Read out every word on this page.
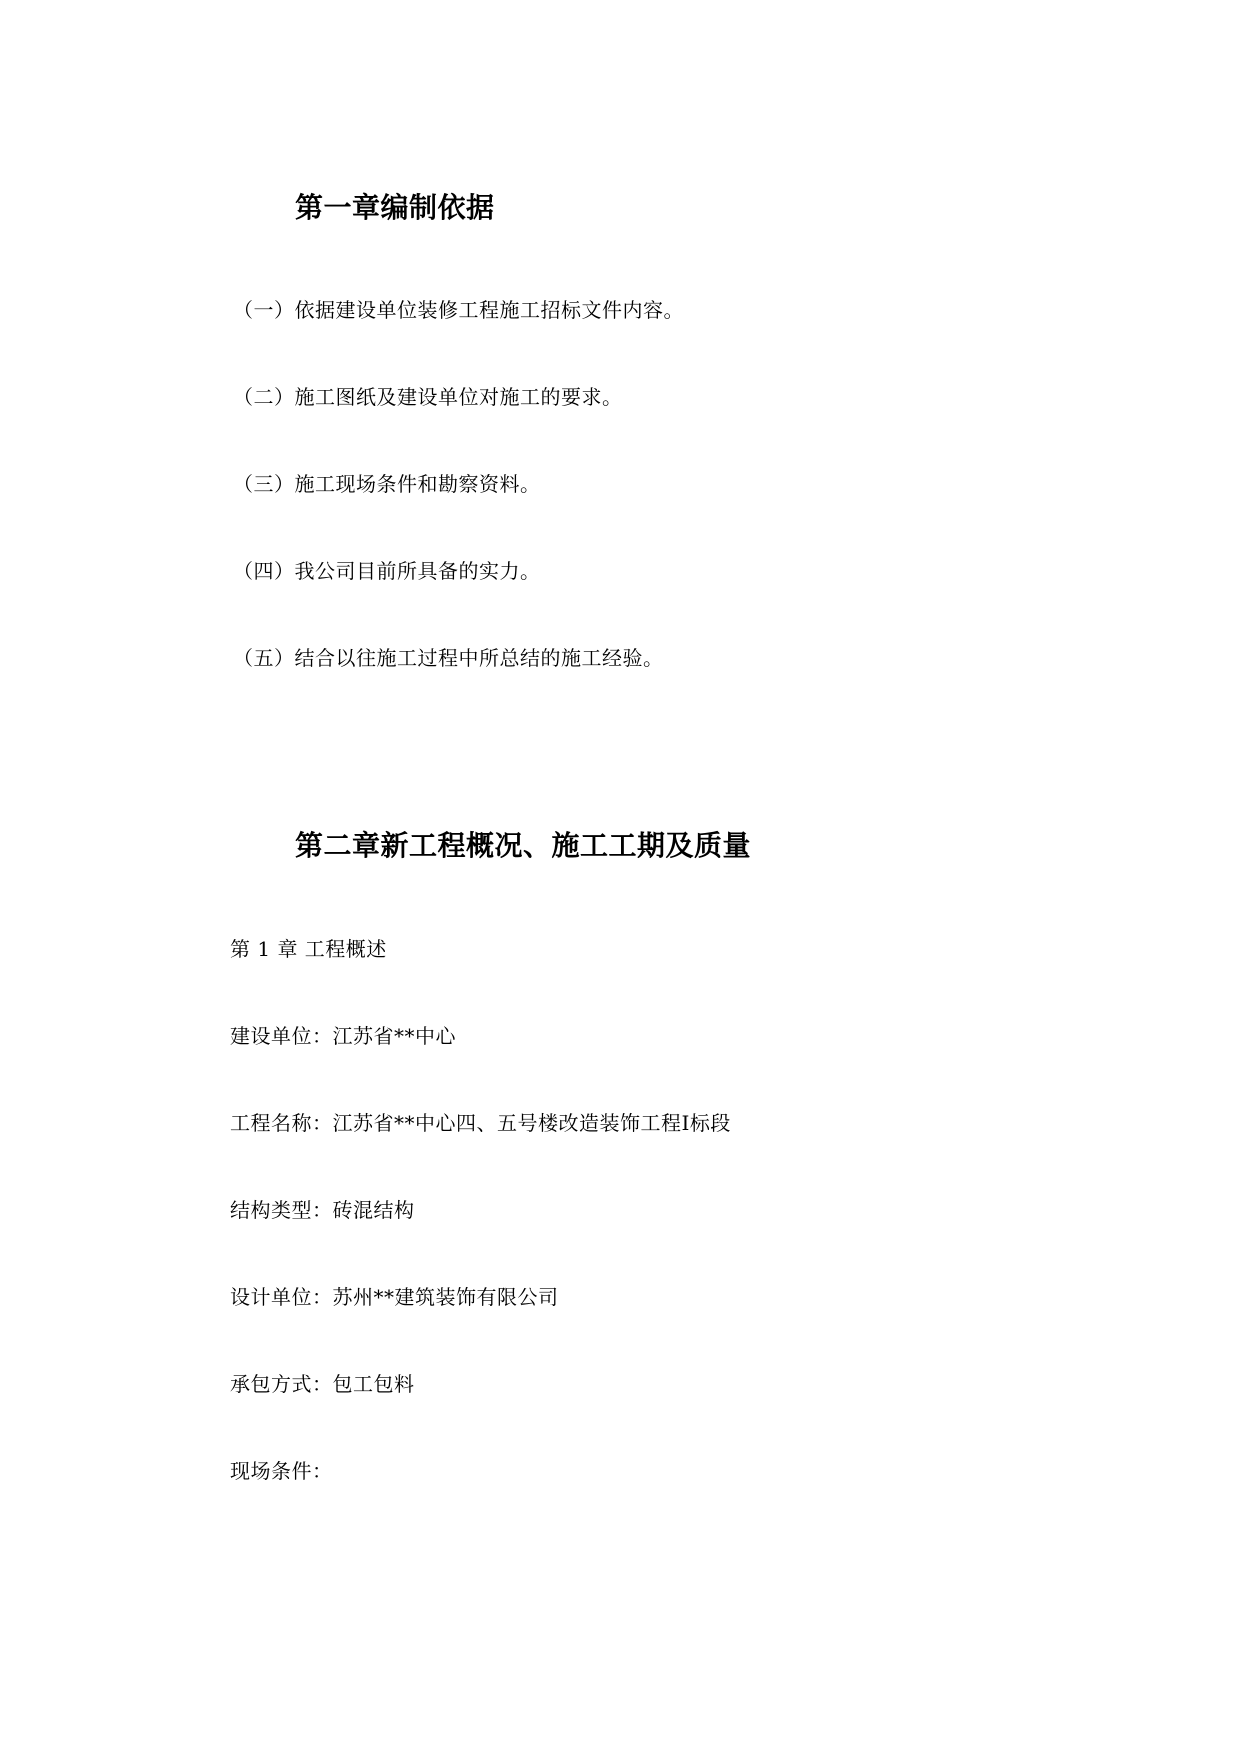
第一章编制依据

（一）依据建设单位装修工程施工招标文件内容。

（二）施工图纸及建设单位对施工的要求。

（三）施工现场条件和勘察资料。

（四）我公司目前所具备的实力。

（五）结合以往施工过程中所总结的施工经验。

第二章新工程概况、施工工期及质量

第 1 章 工程概述

建设单位：江苏省**中心

工程名称：江苏省**中心四、五号楼改造装饰工程Ⅰ标段

结构类型：砖混结构

设计单位：苏州**建筑装饰有限公司

承包方式：包工包料

现场条件：
